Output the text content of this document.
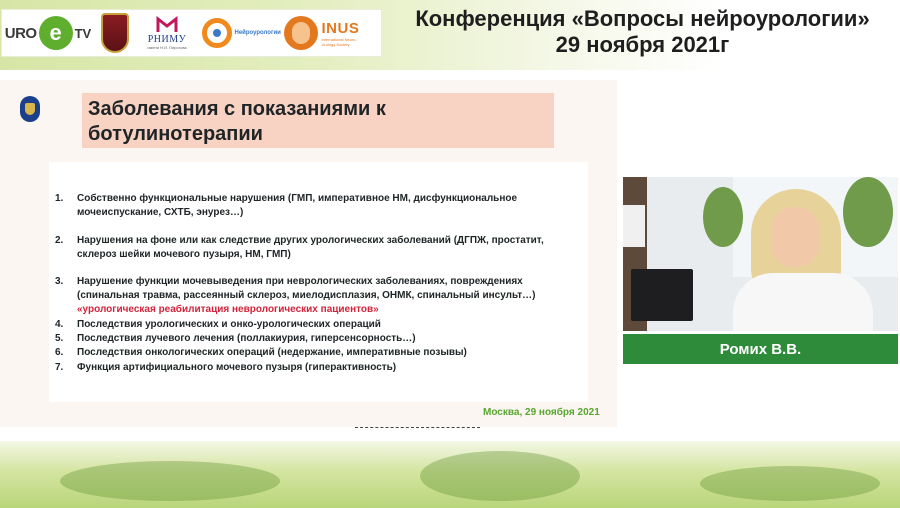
URO e TV	РНИМУ
имени Н.И. Пирогова
Нейроурологии	INUS
International Neuro-Urology Society
Конференция «Вопросы нейроурологии»
29 ноября 2021г
Заболевания с показаниями к ботулинотерапии
1. Собственно функциональные нарушения (ГМП, императивное НМ, дисфункциональное мочеиспускание, СХТБ, энурез…)
2. Нарушения на фоне или как следствие других урологических заболеваний (ДГПЖ, простатит, склероз шейки мочевого пузыря, НМ, ГМП)
3. Нарушение функции мочевыведения при неврологических заболеваниях, повреждениях (спинальная травма, рассеянный склероз, миелодисплазия, ОНМК, спинальный инсульт…)
«урологическая реабилитация неврологических пациентов»
4. Последствия урологических и онко-урологических операций
5. Последствия лучевого лечения (поллакиурия, гиперсенсорность…)
6. Последствия онкологических операций (недержание, императивные позывы)
7. Функция артифициального мочевого пузыря (гиперактивность)
Москва, 29 ноября 2021
Ромих В.В.
